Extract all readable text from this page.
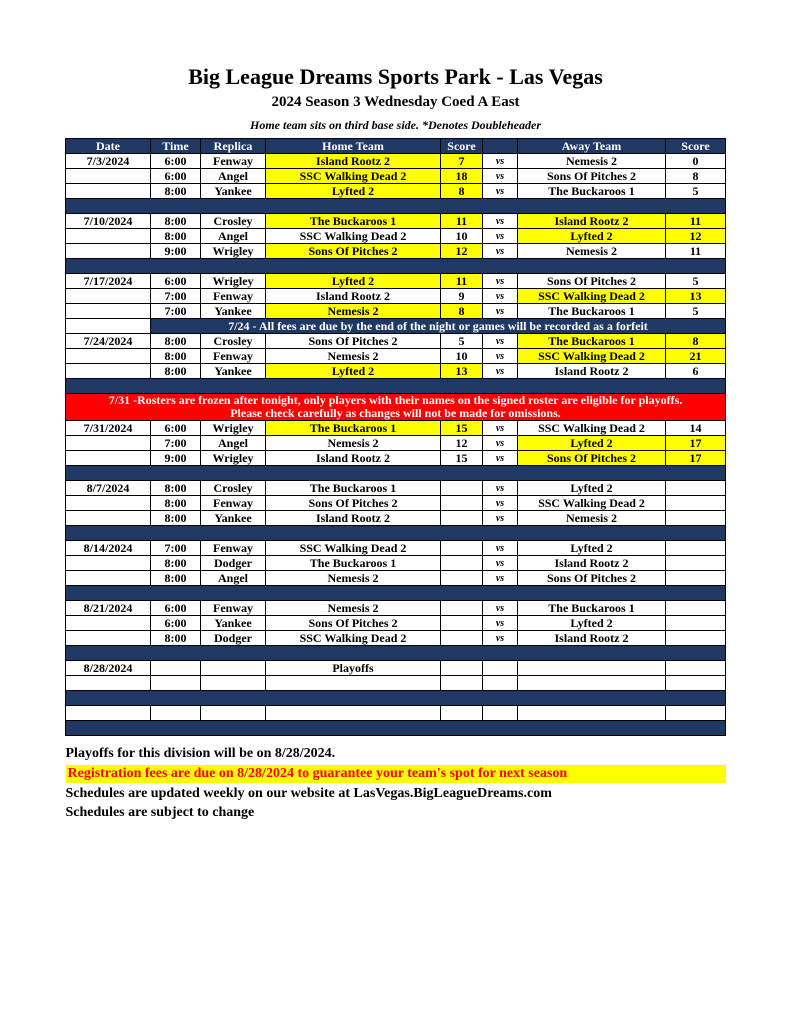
Big League Dreams Sports Park - Las Vegas
2024 Season 3 Wednesday Coed A East
Home team sits on third base side. *Denotes Doubleheader
Date	Time	Replica	Home Team	Score		Away Team	Score
7/3/2024	6:00	Fenway	Island Rootz 2	7	vs	Nemesis 2	0
	6:00	Angel	SSC Walking Dead 2	18	vs	Sons Of Pitches 2	8
	8:00	Yankee	Lyfted 2	8	vs	The Buckaroos 1	5

7/10/2024	8:00	Crosley	The Buckaroos 1	11	vs	Island Rootz 2	11
	8:00	Angel	SSC Walking Dead 2	10	vs	Lyfted 2	12
	9:00	Wrigley	Sons Of Pitches 2	12	vs	Nemesis 2	11

7/17/2024	6:00	Wrigley	Lyfted 2	11	vs	Sons Of Pitches 2	5
	7:00	Fenway	Island Rootz 2	9	vs	SSC Walking Dead 2	13
	7:00	Yankee	Nemesis 2	8	vs	The Buckaroos 1	5
	7/24 - All fees are due by the end of the night or games will be recorded as a forfeit						
7/24/2024	8:00	Crosley	Sons Of Pitches 2	5	vs	The Buckaroos 1	8
	8:00	Fenway	Nemesis 2	10	vs	SSC Walking Dead 2	21
	8:00	Yankee	Lyfted 2	13	vs	Island Rootz 2	6

7/31 -Rosters are frozen after tonight, only players with their names on the signed roster are eligible for playoffs.
Please check carefully as changes will not be made for omissions.							

7/31/2024	6:00	Wrigley	The Buckaroos 1	15	vs	SSC Walking Dead 2	14
	7:00	Angel	Nemesis 2	12	vs	Lyfted 2	17
	9:00	Wrigley	Island Rootz 2	15	vs	Sons Of Pitches 2	17

8/7/2024	8:00	Crosley	The Buckaroos 1		vs	Lyfted 2	
	8:00	Fenway	Sons Of Pitches 2		vs	SSC Walking Dead 2	
	8:00	Yankee	Island Rootz 2		vs	Nemesis 2	

8/14/2024	7:00	Fenway	SSC Walking Dead 2		vs	Lyfted 2	
	8:00	Dodger	The Buckaroos 1		vs	Island Rootz 2	
	8:00	Angel	Nemesis 2		vs	Sons Of Pitches 2	

8/21/2024	6:00	Fenway	Nemesis 2		vs	The Buckaroos 1	
	6:00	Yankee	Sons Of Pitches 2		vs	Lyfted 2	
	8:00	Dodger	SSC Walking Dead 2		vs	Island Rootz 2	

8/28/2024			Playoffs				

Playoffs for this division will be on 8/28/2024.
Registration fees are due on 8/28/2024 to guarantee your team's spot for next season
Schedules are updated weekly on our website at LasVegas.BigLeagueDreams.com
Schedules are subject to change
